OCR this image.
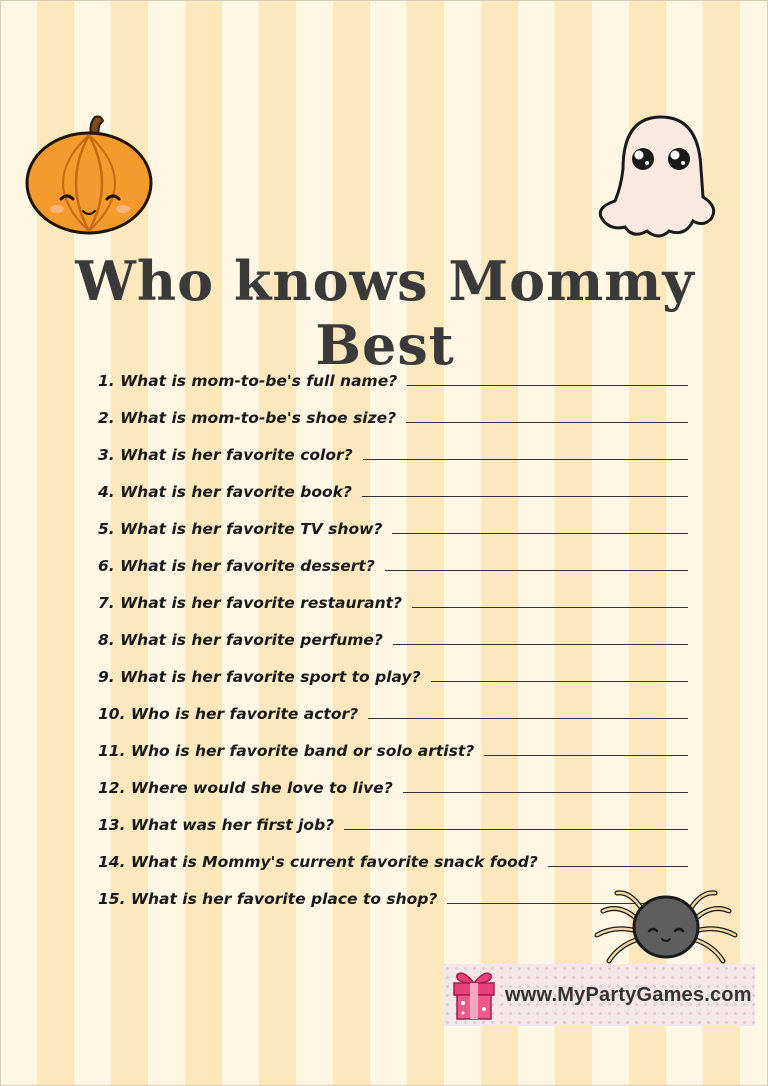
Who knows Mommy Best
1. What is mom-to-be's full name?
2. What is mom-to-be's shoe size?
3. What is her favorite color?
4. What is her favorite book?
5. What is her favorite TV show?
6. What is her favorite dessert?
7. What is her favorite restaurant?
8. What is her favorite perfume?
9. What is her favorite sport to play?
10. Who is her favorite actor?
11. Who is her favorite band or solo artist?
12. Where would she love to live?
13. What was her first job?
14. What is Mommy's current favorite snack food?
15. What is her favorite place to shop?
www.MyPartyGames.com
